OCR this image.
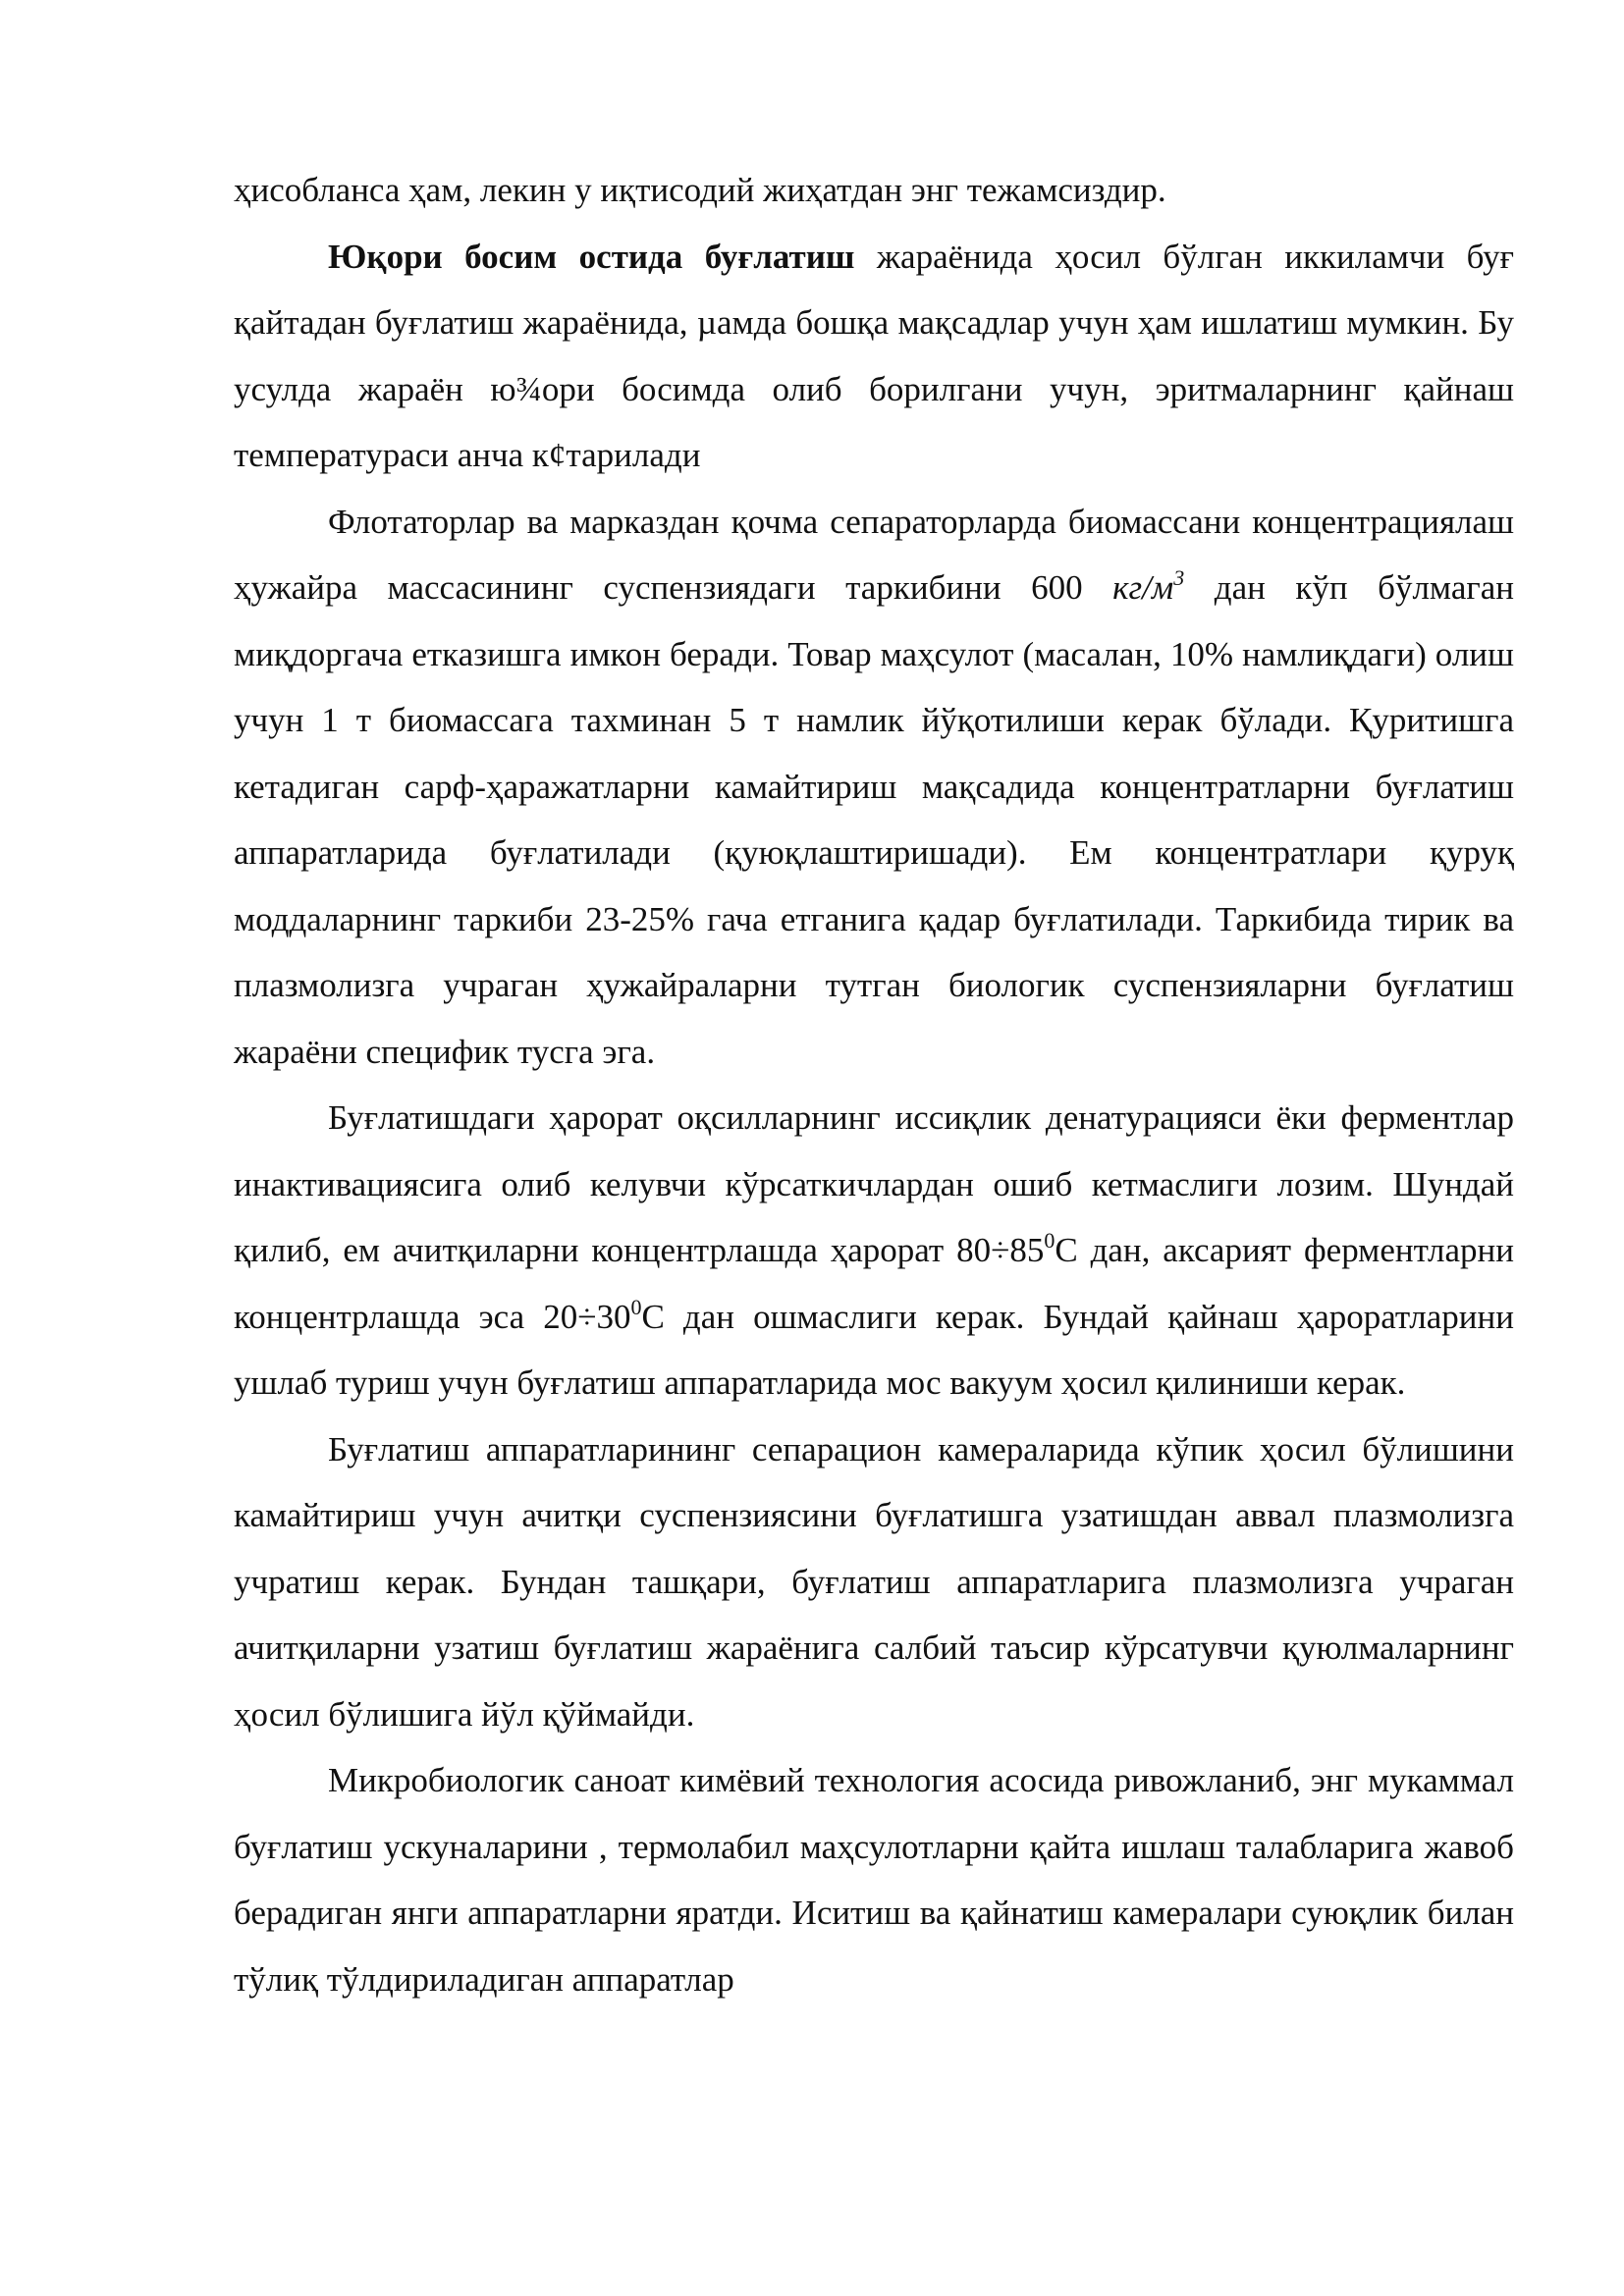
ҳисобланса ҳам, лекин у иқтисодий жиҳатдан энг тежамсиздир.

Юқори босим остида буғлатиш жараёнида ҳосил бўлган иккиламчи буғ қайтадан буғлатиш жараёнида, µамда бошқа мақсадлар учун ҳам ишлатиш мумкин. Бу усулда жараён ю¾ори босимда олиб борилгани учун, эритмаларнинг қайнаш температураси анча к¢тарилади

Флотаторлар ва марказдан қочма сепараторларда биомассани концентрациялаш ҳужайра массасининг суспензиядаги таркибини 600 $кг/м^3$ дан кўп бўлмаган миқдоргача етказишга имкон беради. Товар маҳсулот (масалан, 10% намлиқдаги) олиш учун 1 т биомассага тахминан 5 т намлик йўқотилиши керак бўлади. Қуритишга кетадиган сарф-ҳаражатларни камайтириш мақсадида концентратларни буғлатиш аппаратларида буғлатилади (қуюқлаштиришади). Ем концентратлари қуруқ моддаларнинг таркиби 23-25% гача етганига қадар буғлатилади. Таркибида тирик ва плазмолизга учраган ҳужайраларни тутган биологик суспензияларни буғлатиш жараёни специфик тусга эга.

Буғлатишдаги ҳарорат оқсилларнинг иссиқлик денатурацияси ёки ферментлар инактивациясига олиб келувчи кўрсаткичлардан ошиб кетмаслиги лозим. Шундай қилиб, ем ачитқиларни концентрлашда ҳарорат $80\div 85^0С$ дан, аксарият ферментларни концентрлашда эса $20\div 30^0С$ дан ошмаслиги керак. Бундай қайнаш ҳароратларини ушлаб туриш учун буғлатиш аппаратларида мос вакуум ҳосил қилиниши керак.

Буғлатиш аппаратларининг сепарацион камераларида кўпик ҳосил бўлишини камайтириш учун ачитқи суспензиясини буғлатишга узатишдан аввал плазмолизга учратиш керак. Бундан ташқари, буғлатиш аппаратларига плазмолизга учраган ачитқиларни узатиш буғлатиш жараёнига салбий таъсир кўрсатувчи қуюлмаларнинг ҳосил бўлишига йўл қўймайди.

Микробиологик саноат кимёвий технология асосида ривожланиб, энг мукаммал буғлатиш ускуналарини , термолабил маҳсулотларни қайта ишлаш талабларига жавоб берадиган янги аппаратларни яратди. Иситиш ва қайнатиш камералари суюқлик билан тўлиқ тўлдириладиган аппаратлар
